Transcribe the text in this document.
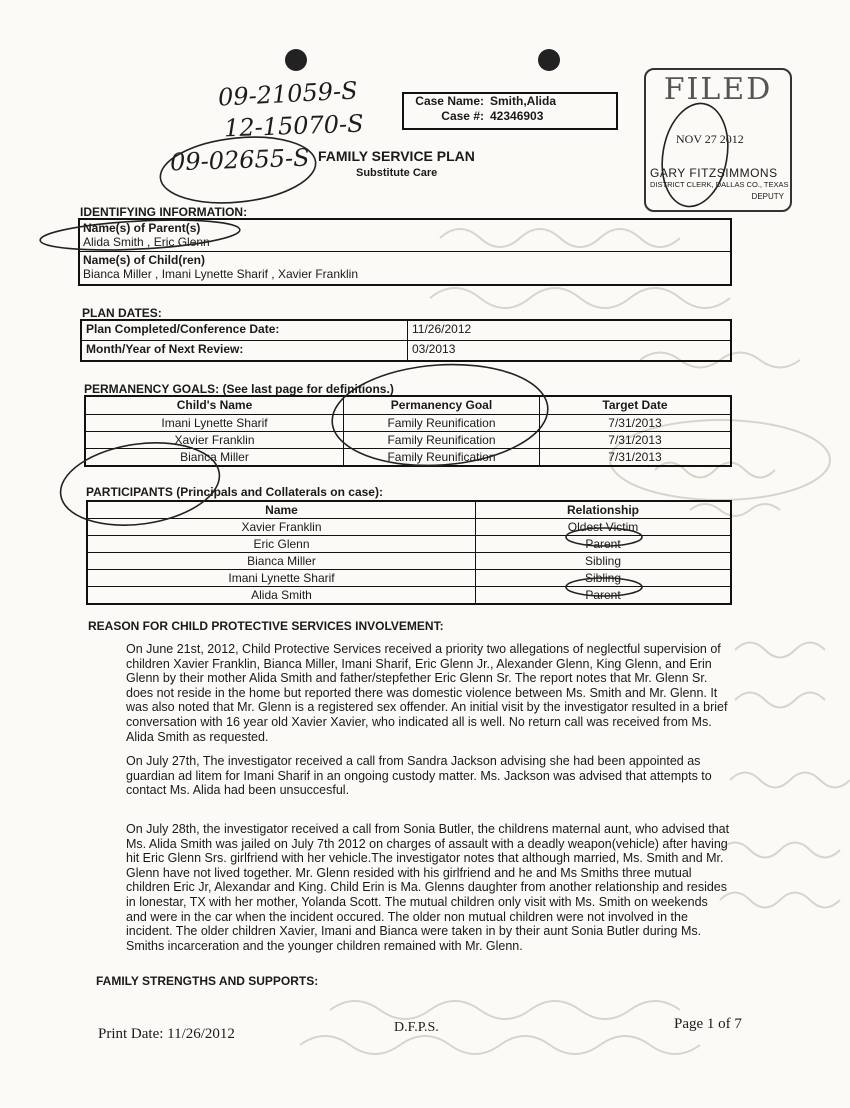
09-21059-S
12-15070-S
09-02655-S
Case Name: Smith,Alida
Case #: 42346903
FILED
NOV 27 2012
GARY FITZSIMMONS
DISTRICT CLERK, DALLAS CO., TEXAS
DEPUTY
FAMILY SERVICE PLAN
Substitute Care
IDENTIFYING INFORMATION:
Name(s) of Parent(s)
Alida Smith , Eric Glenn
Name(s) of Child(ren)
Bianca Miller , Imani Lynette Sharif , Xavier Franklin
PLAN DATES:
Plan Completed/Conference Date:	11/26/2012
Month/Year of Next Review:	03/2013
PERMANENCY GOALS: (See last page for definitions.)
Child's Name	Permanency Goal	Target Date
Imani Lynette Sharif	Family Reunification	7/31/2013
Xavier Franklin	Family Reunification	7/31/2013
Bianca Miller	Family Reunification	7/31/2013
PARTICIPANTS (Principals and Collaterals on case):
Name	Relationship
Xavier Franklin	Oldest Victim
Eric Glenn	Parent
Bianca Miller	Sibling
Imani Lynette Sharif	Sibling
Alida Smith	Parent
REASON FOR CHILD PROTECTIVE SERVICES INVOLVEMENT:
On June 21st, 2012, Child Protective Services received a priority two allegations of neglectful supervision of children Xavier Franklin, Bianca Miller, Imani Sharif, Eric Glenn Jr., Alexander Glenn, King Glenn, and Erin Glenn by their mother Alida Smith and father/stepfether Eric Glenn Sr. The report notes that Mr. Glenn Sr. does not reside in the home but reported there was domestic violence between Ms. Smith and Mr. Glenn. It was also noted that Mr. Glenn is a registered sex offender. An initial visit by the investigator resulted in a brief conversation with 16 year old Xavier Xavier, who indicated all is well. No return call was received from Ms. Alida Smith as requested.
On July 27th, The investigator received a call from Sandra Jackson advising she had been appointed as guardian ad litem for Imani Sharif in an ongoing custody matter. Ms. Jackson was advised that attempts to contact Ms. Alida had been unsuccesful.
On July 28th, the investigator received a call from Sonia Butler, the childrens maternal aunt, who advised that Ms. Alida Smith was jailed on July 7th 2012 on charges of assault with a deadly weapon(vehicle) after having hit Eric Glenn Srs. girlfriend with her vehicle.The investigator notes that although married, Ms. Smith and Mr. Glenn have not lived together. Mr. Glenn resided with his girlfriend and he and Ms Smiths three mutual children Eric Jr, Alexandar and King. Child Erin is Ma. Glenns daughter from another relationship and resides in lonestar, TX with her mother, Yolanda Scott. The mutual children only visit with Ms. Smith on weekends and were in the car when the incident occured. The older non mutual children were not involved in the incident. The older children Xavier, Imani and Bianca were taken in by their aunt Sonia Butler during Ms. Smiths incarceration and the younger children remained with Mr. Glenn.
FAMILY STRENGTHS AND SUPPORTS:
Print Date: 11/26/2012	D.F.P.S.	Page 1 of 7
